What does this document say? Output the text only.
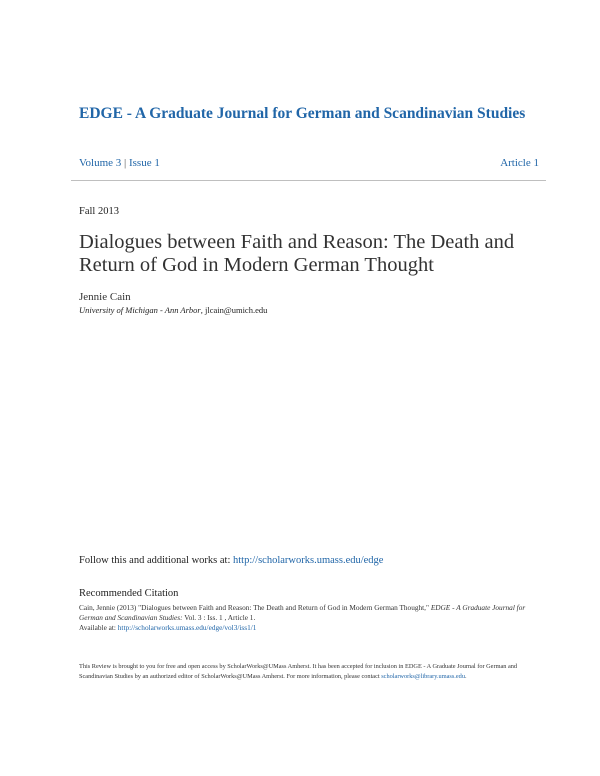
EDGE - A Graduate Journal for German and Scandinavian Studies
Volume 3 | Issue 1	Article 1
Fall 2013
Dialogues between Faith and Reason: The Death and Return of God in Modern German Thought
Jennie Cain
University of Michigan - Ann Arbor, jlcain@umich.edu
Follow this and additional works at: http://scholarworks.umass.edu/edge
Recommended Citation
Cain, Jennie (2013) "Dialogues between Faith and Reason: The Death and Return of God in Modern German Thought," EDGE - A Graduate Journal for German and Scandinavian Studies: Vol. 3 : Iss. 1 , Article 1.
Available at: http://scholarworks.umass.edu/edge/vol3/iss1/1
This Review is brought to you for free and open access by ScholarWorks@UMass Amherst. It has been accepted for inclusion in EDGE - A Graduate Journal for German and Scandinavian Studies by an authorized editor of ScholarWorks@UMass Amherst. For more information, please contact scholarworks@library.umass.edu.
